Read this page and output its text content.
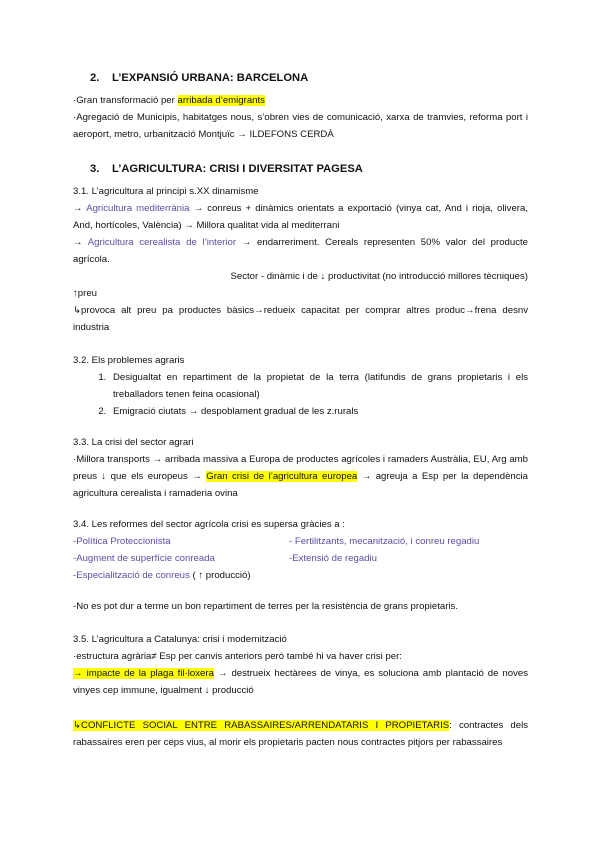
2. L’EXPANSIÓ URBANA: BARCELONA

·Gran transformació per arribada d’emigrants

·Agregació de Municipis, habitatges nous, s’obren vies de comunicació, xarxa de tramvies, reforma port i aeroport, metro, urbanització Montjuïc → ILDEFONS CERDÀ

3. L’AGRICULTURA: CRISI I DIVERSITAT PAGESA

3.1. L’agricultura al principi s.XX dinamisme

→ Agricultura mediterrània → conreus + dinàmics orientats a exportació (vinya cat, And i rioja, olivera, And, hortícoles, València) → Millora qualitat vida al mediterrani

→ Agricultura cerealista de l’interior → endarreriment. Cereals representen 50% valor del producte agrícola.

Sector - dinàmic i de ↓ productivitat (no introducció millores tècniques)

↑preu

↳provoca alt preu pa productes bàsics→redueix capacitat per comprar altres produc→frena desnv industria

3.2. Els problemes agraris

1. Desigualtat en repartiment de la propietat de la terra (latifundis de grans propietaris i els treballadors tenen feina ocasional)
2. Emigració ciutats → despoblament gradual de les z.rurals

3.3. La crisi del sector agrari

·Millora transports → arribada massiva a Europa de productes agrícoles i ramaders Austràlia, EU, Arg amb preus ↓ que els europeus → Gran crisi de l’agricultura europea → agreuja a Esp per la dependència agricultura cerealista i ramaderia ovina

3.4. Les reformes del sector agrícola crisi es supersa gràcies a :

-Política Proteccionista	- Fertilitzants, mecanització, i conreu regadiu
-Augment de superfície conreada	-Extensió de regadiu
-Especialització de conreus ( ↑ producció)

-No es pot dur a terme un bon repartiment de terres per la resistència de grans propietaris.

3.5. L’agricultura a Catalunya: crisi i modernització

·estructura agrària≠ Esp per canvis anteriors però també hi va haver crisi per:

→ impacte de la plaga fil·loxera → destrueix hectàrees de vinya, es soluciona amb plantació de noves vinyes cep immune, igualment ↓ producció

↳CONFLICTE SOCIAL ENTRE RABASSAIRES/ARRENDATARIS I PROPIETARIS: contractes dels rabassaires eren per ceps vius, al morir els propietaris pacten nous contractes pitjors per rabassaires
